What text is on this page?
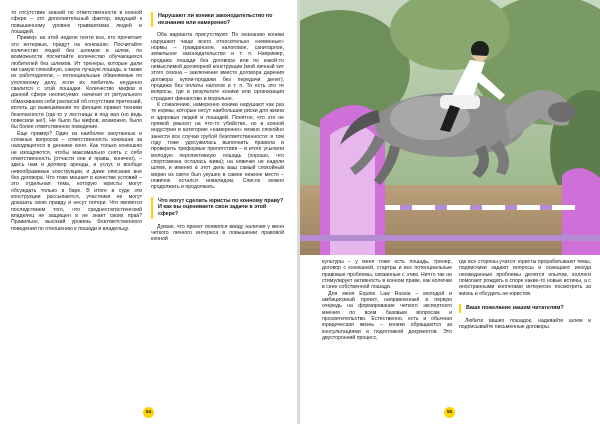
то отсутствие знаний по ответственности в конной сфере – это дополнительный фактор, ведущий к повышенному уровню травматизма людей и лошадей.

Пример: на этой неделе почти все, кто прочитает это интервью, придут на конюшню. Посчитайте количество людей без шлемов в шлем, по возможности посчитайте количество обучающихся любителей без шлемов. Ит тренеры, которые дали им самую спокойную, самую лучшую лошадь, а также их работодатели, – потенциальные обвиняемые по уголовному делу, если их любитель неудачно свалится с этой лошадки. Количество мифов в данной сфере неописуемо: начиная от ритуального обмахивания себя расписой об отсутствии претензий, вплоть до вывешивания по фенцию правил техники безопасности (где-то у лестницы в под вал (но ведь повесили же!). Не было бы мифов, возможно, было бы более ответственное поведение.

Еще пример? Один из наиболее запутанных и сложных вопросов – ответственность конюшни за находящегося в деннике коня. Как только конюшню не изощряются, чтобы максимально снять с себя ответственность (отчасти они и правы, конечно), – здесь нам и договор аренды, и услуг, и вообще невообразимые конструкции, и даже описание вне без договора. Что тоже мешает в качестве условий – это отдельная тема, которую юристы могут обсуждать только в баре. В итоге в суде эти конструкции рассыпаются, участники не могут доказать свою правду и несут потери. Что является последствием того, что среднестатистический владелец не защищен и не знает своих прав? Правильно, высокий уровень безответственного поведения по отношению к лошади и владельцу.

Нарушают ли коники законодательство по незнанию или намеренно?

Оба варианта присутствуют. По незнанию коники нарушают чаще всего относительно «невинные» нормы – гражданское, налоговое, санитарное, земельное законодательство и т. п. Например, продажа лошади без договора или по какой-то немыслимой договорной конструкции (мой личный хит этого сезона – заключение вместо договора дарения договора купли-продажи без передачи денег), продажа без оплаты налогов и т. п. То есть это те вопросы, где в результате коники или организация страдают финансово и морально.

К сожалению, намеренно коники нарушают как раз те нормы, которые несут наибольшие риски для жизни и здоровья людей и лошадей. Понятно, что это не прямой умысел на что-то убийство, но в конной индустрии в категорию «намеренно» можно спокойно занести все случаи грубой безответственности: в том году тоже удосужилась выполнить правила и проверить трефорвые препятствия – в итоге усыпили молодую перспективную лошадь (хорошо, что спортсменка осталась жива); на новичке не надели шлем, и именно в этот день ваш самый спокойный мерин из свете был укушен в самое нежное место – новичок остался инвалидом. Список можно продолжать и продолжать.

Что могут сделать юристы по конному праву? И как вы оцениваете свои задачи в этой сфере?

Думаю, что проект появился ввиду наличия у меня четкого личного интереса в повышении правовой конной

54

культуры – у меня тоже есть лошадь, тренер, договор с конюшней, стартры и все потенциальные правовые проблемы, связанные с этим. Ничто так не стимулирует активность в конном праве, как колючки в сене собственной лошади.

Для меня Equine Law Russia – молодой и амбициозный проект, направленный в первую очередь на формирование четкого экспертного мнения по всем базовым вопросам и просветительство. Естественно, есть и обычная юридическая жизнь – коники обращаются за консультациями и подготовкой документов. Это двусторонний процесс,

где все стороны учатся: юристы прорабатывают темы, подписчики задают вопросы и освещают иногда неожиданные проблемы делятся опытом, коллеги помогают рождать в споре какие-то новые истины, а с иностранными коллегами интересно посмотреть за жизнь и обсудить не-юристов.

Ваше пожелание нашим читателям?

Любите ваших лошадок, надевайте шлем и подписывайте письменные договоры.

55
